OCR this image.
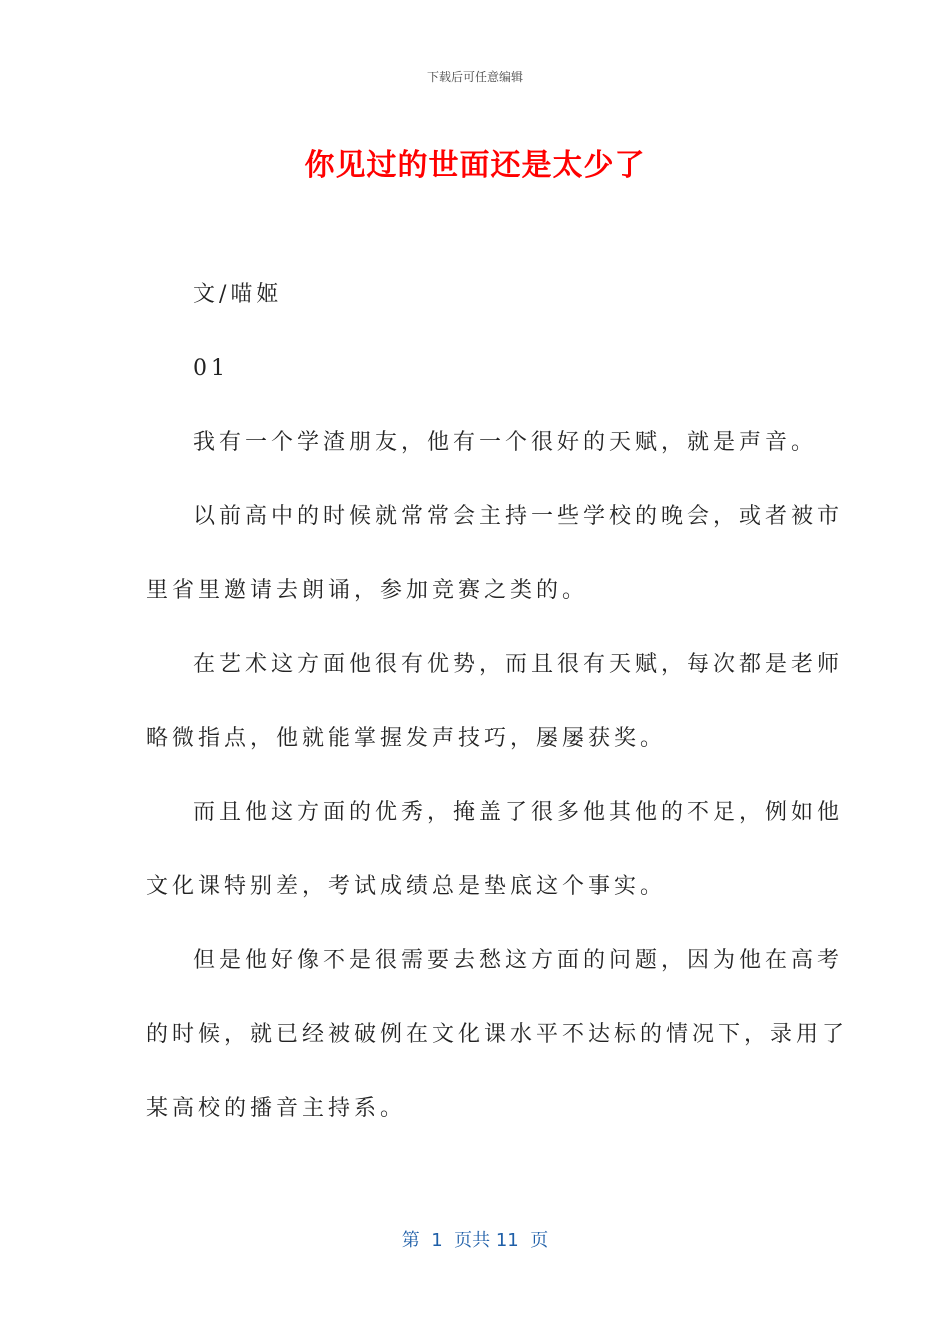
下载后可任意编辑
你见过的世面还是太少了
文/喵姬
01
我有一个学渣朋友，他有一个很好的天赋，就是声音。
以前高中的时候就常常会主持一些学校的晚会，或者被市
里省里邀请去朗诵，参加竞赛之类的。
在艺术这方面他很有优势，而且很有天赋，每次都是老师
略微指点，他就能掌握发声技巧，屡屡获奖。
而且他这方面的优秀，掩盖了很多他其他的不足，例如他
文化课特别差，考试成绩总是垫底这个事实。
但是他好像不是很需要去愁这方面的问题，因为他在高考
的时候，就已经被破例在文化课水平不达标的情况下，录用了
某高校的播音主持系。
第  1  页共 11  页
